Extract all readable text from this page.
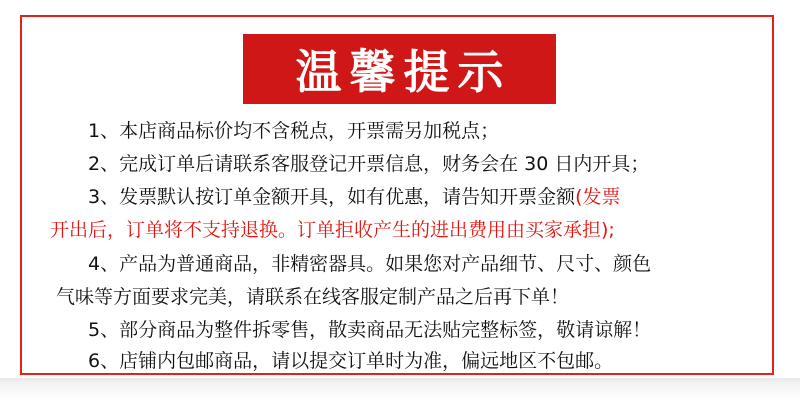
温馨提示
1、本店商品标价均不含税点，开票需另加税点；
2、完成订单后请联系客服登记开票信息，财务会在 30 日内开具；
3、发票默认按订单金额开具，如有优惠，请告知开票金额(发票
开出后，订单将不支持退换。订单拒收产生的进出费用由买家承担);
4、产品为普通商品，非精密器具。如果您对产品细节、尺寸、颜色
气味等方面要求完美，请联系在线客服定制产品之后再下单！
5、部分商品为整件拆零售，散卖商品无法贴完整标签，敬请谅解！
6、店铺内包邮商品，请以提交订单时为准，偏远地区不包邮。
